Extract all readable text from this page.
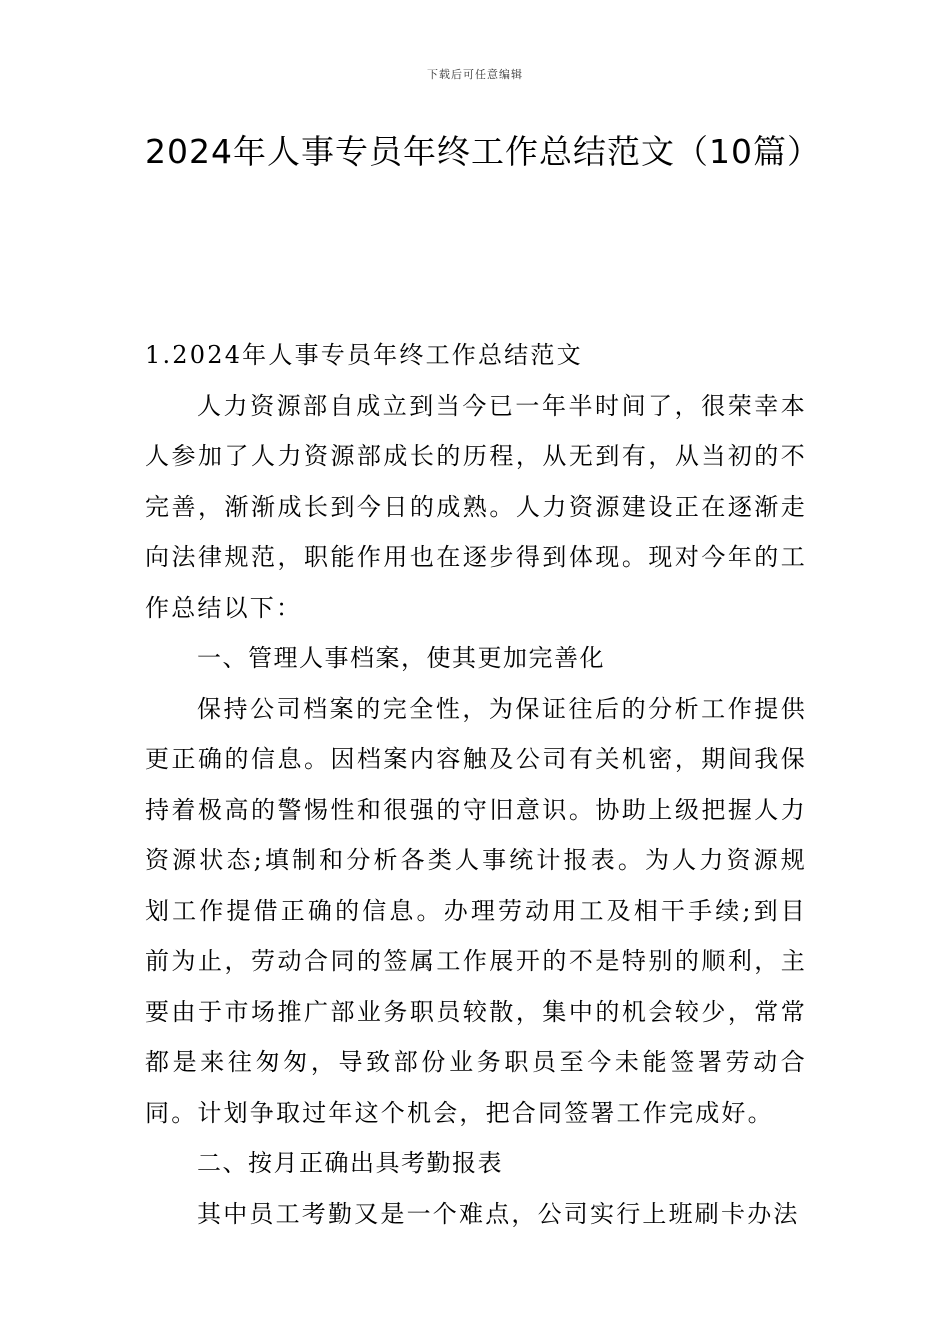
下载后可任意编辑
2024年人事专员年终工作总结范文（10篇）

1.2024年人事专员年终工作总结范文

人力资源部自成立到当今已一年半时间了，很荣幸本人参加了人力资源部成长的历程，从无到有，从当初的不完善，渐渐成长到今日的成熟。人力资源建设正在逐渐走向法律规范，职能作用也在逐步得到体现。现对今年的工作总结以下：

一、管理人事档案，使其更加完善化

保持公司档案的完全性，为保证往后的分析工作提供更正确的信息。因档案内容触及公司有关机密，期间我保持着极高的警惕性和很强的守旧意识。协助上级把握人力资源状态;填制和分析各类人事统计报表。为人力资源规划工作提借正确的信息。办理劳动用工及相干手续;到目前为止，劳动合同的签属工作展开的不是特别的顺利，主要由于市场推广部业务职员较散，集中的机会较少，常常都是来往匆匆，导致部份业务职员至今未能签署劳动合同。计划争取过年这个机会，把合同签署工作完成好。

二、按月正确出具考勤报表

其中员工考勤又是一个难点，公司实行上班刷卡办法
